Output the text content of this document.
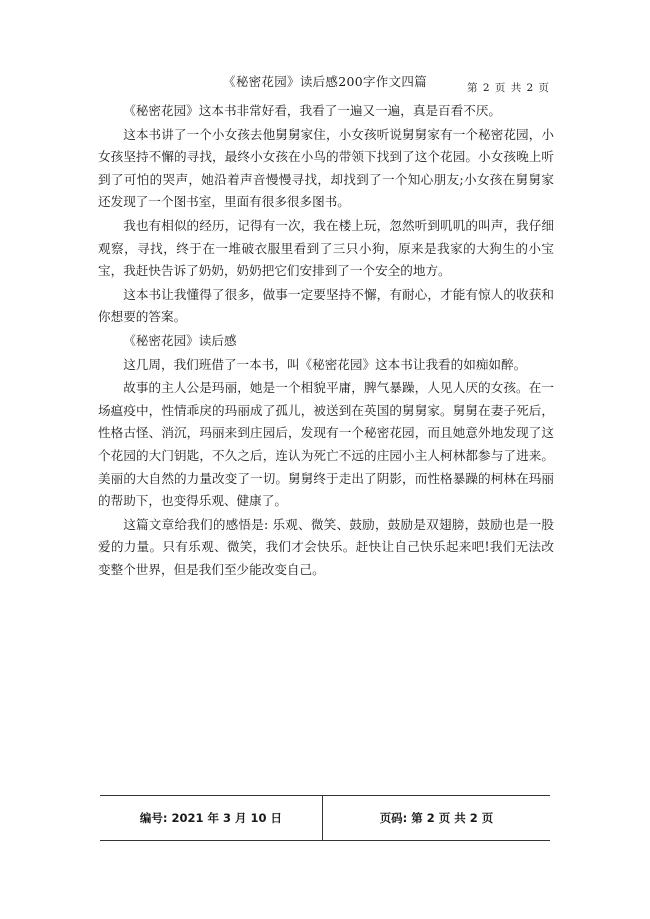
《秘密花园》读后感200字作文四篇	第 2 页 共 2 页

《秘密花园》这本书非常好看，我看了一遍又一遍，真是百看不厌。

这本书讲了一个小女孩去他舅舅家住，小女孩听说舅舅家有一个秘密花园，小女孩坚持不懈的寻找，最终小女孩在小鸟的带领下找到了这个花园。小女孩晚上听到了可怕的哭声，她沿着声音慢慢寻找，却找到了一个知心朋友;小女孩在舅舅家还发现了一个图书室，里面有很多很多图书。

我也有相似的经历，记得有一次，我在楼上玩，忽然听到叽叽的叫声，我仔细观察，寻找，终于在一堆破衣服里看到了三只小狗，原来是我家的大狗生的小宝宝，我赶快告诉了奶奶，奶奶把它们安排到了一个安全的地方。

这本书让我懂得了很多，做事一定要坚持不懈，有耐心，才能有惊人的收获和你想要的答案。

《秘密花园》读后感

这几周，我们班借了一本书，叫《秘密花园》这本书让我看的如痴如醉。

故事的主人公是玛丽，她是一个相貌平庸，脾气暴躁，人见人厌的女孩。在一场瘟疫中，性情乖戾的玛丽成了孤儿，被送到在英国的舅舅家。舅舅在妻子死后，性格古怪、消沉，玛丽来到庄园后，发现有一个秘密花园，而且她意外地发现了这个花园的大门钥匙，不久之后，连认为死亡不远的庄园小主人柯林都参与了进来。美丽的大自然的力量改变了一切。舅舅终于走出了阴影，而性格暴躁的柯林在玛丽的帮助下，也变得乐观、健康了。

这篇文章给我们的感悟是: 乐观、微笑、鼓励，鼓励是双翅膀，鼓励也是一股爱的力量。只有乐观、微笑，我们才会快乐。赶快让自己快乐起来吧!我们无法改变整个世界，但是我们至少能改变自己。

编号: 2021 年 3 月 10 日	页码: 第 2 页 共 2 页
